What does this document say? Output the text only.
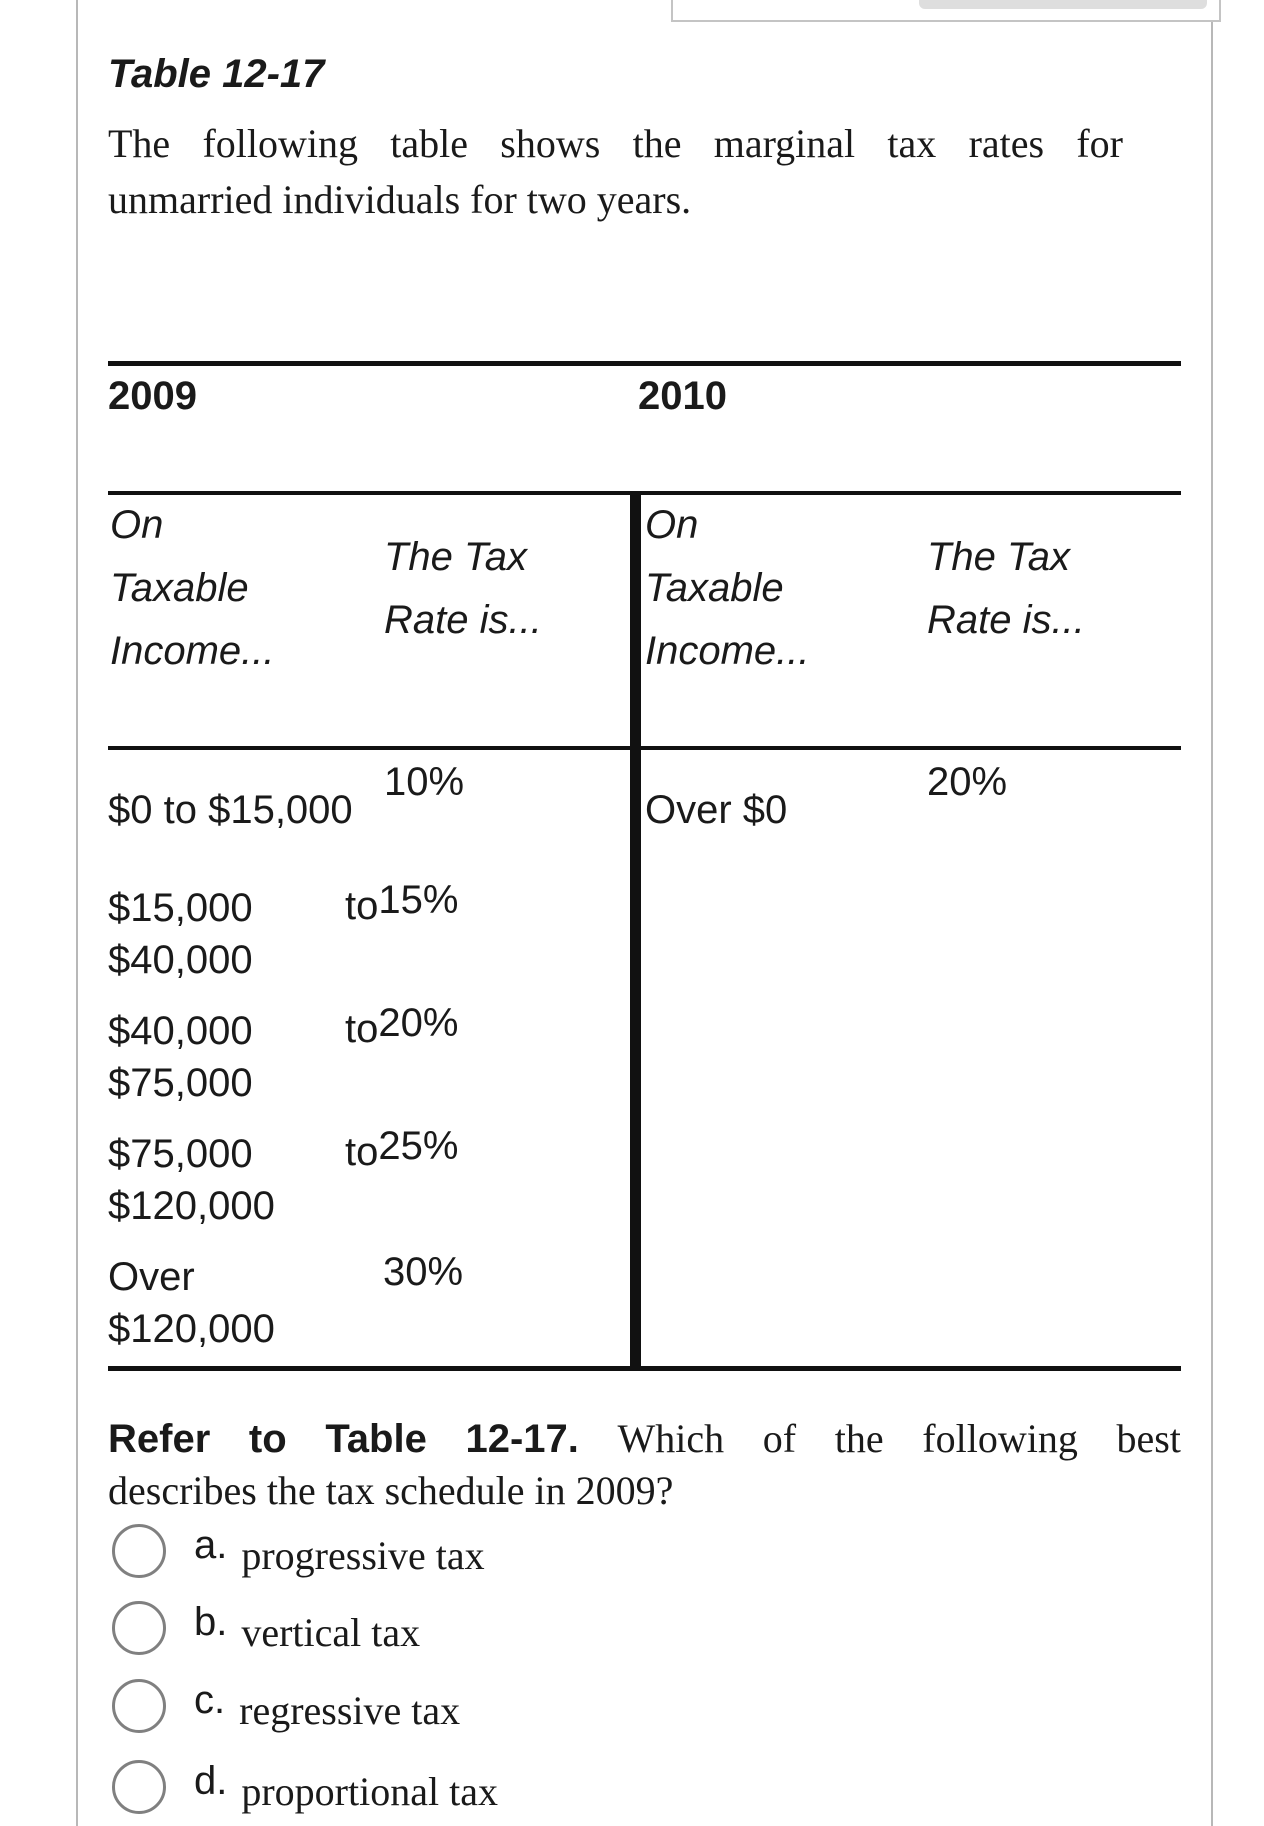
Table 12-17
The following table shows the marginal tax rates for
unmarried individuals for two years.
2009	2010
On
Taxable
Income...
The Tax
Rate is...
On
Taxable
Income...
The Tax
Rate is...
$0 to $15,000
10%
$15,000
$40,000
to15%
$40,000
$75,000
to20%
$75,000
$120,000
to25%
Over
$120,000
30%
Over $0
20%
Refer to Table 12-17. Which of the following best
describes the tax schedule in 2009?
a. progressive tax
b. vertical tax
c. regressive tax
d. proportional tax
